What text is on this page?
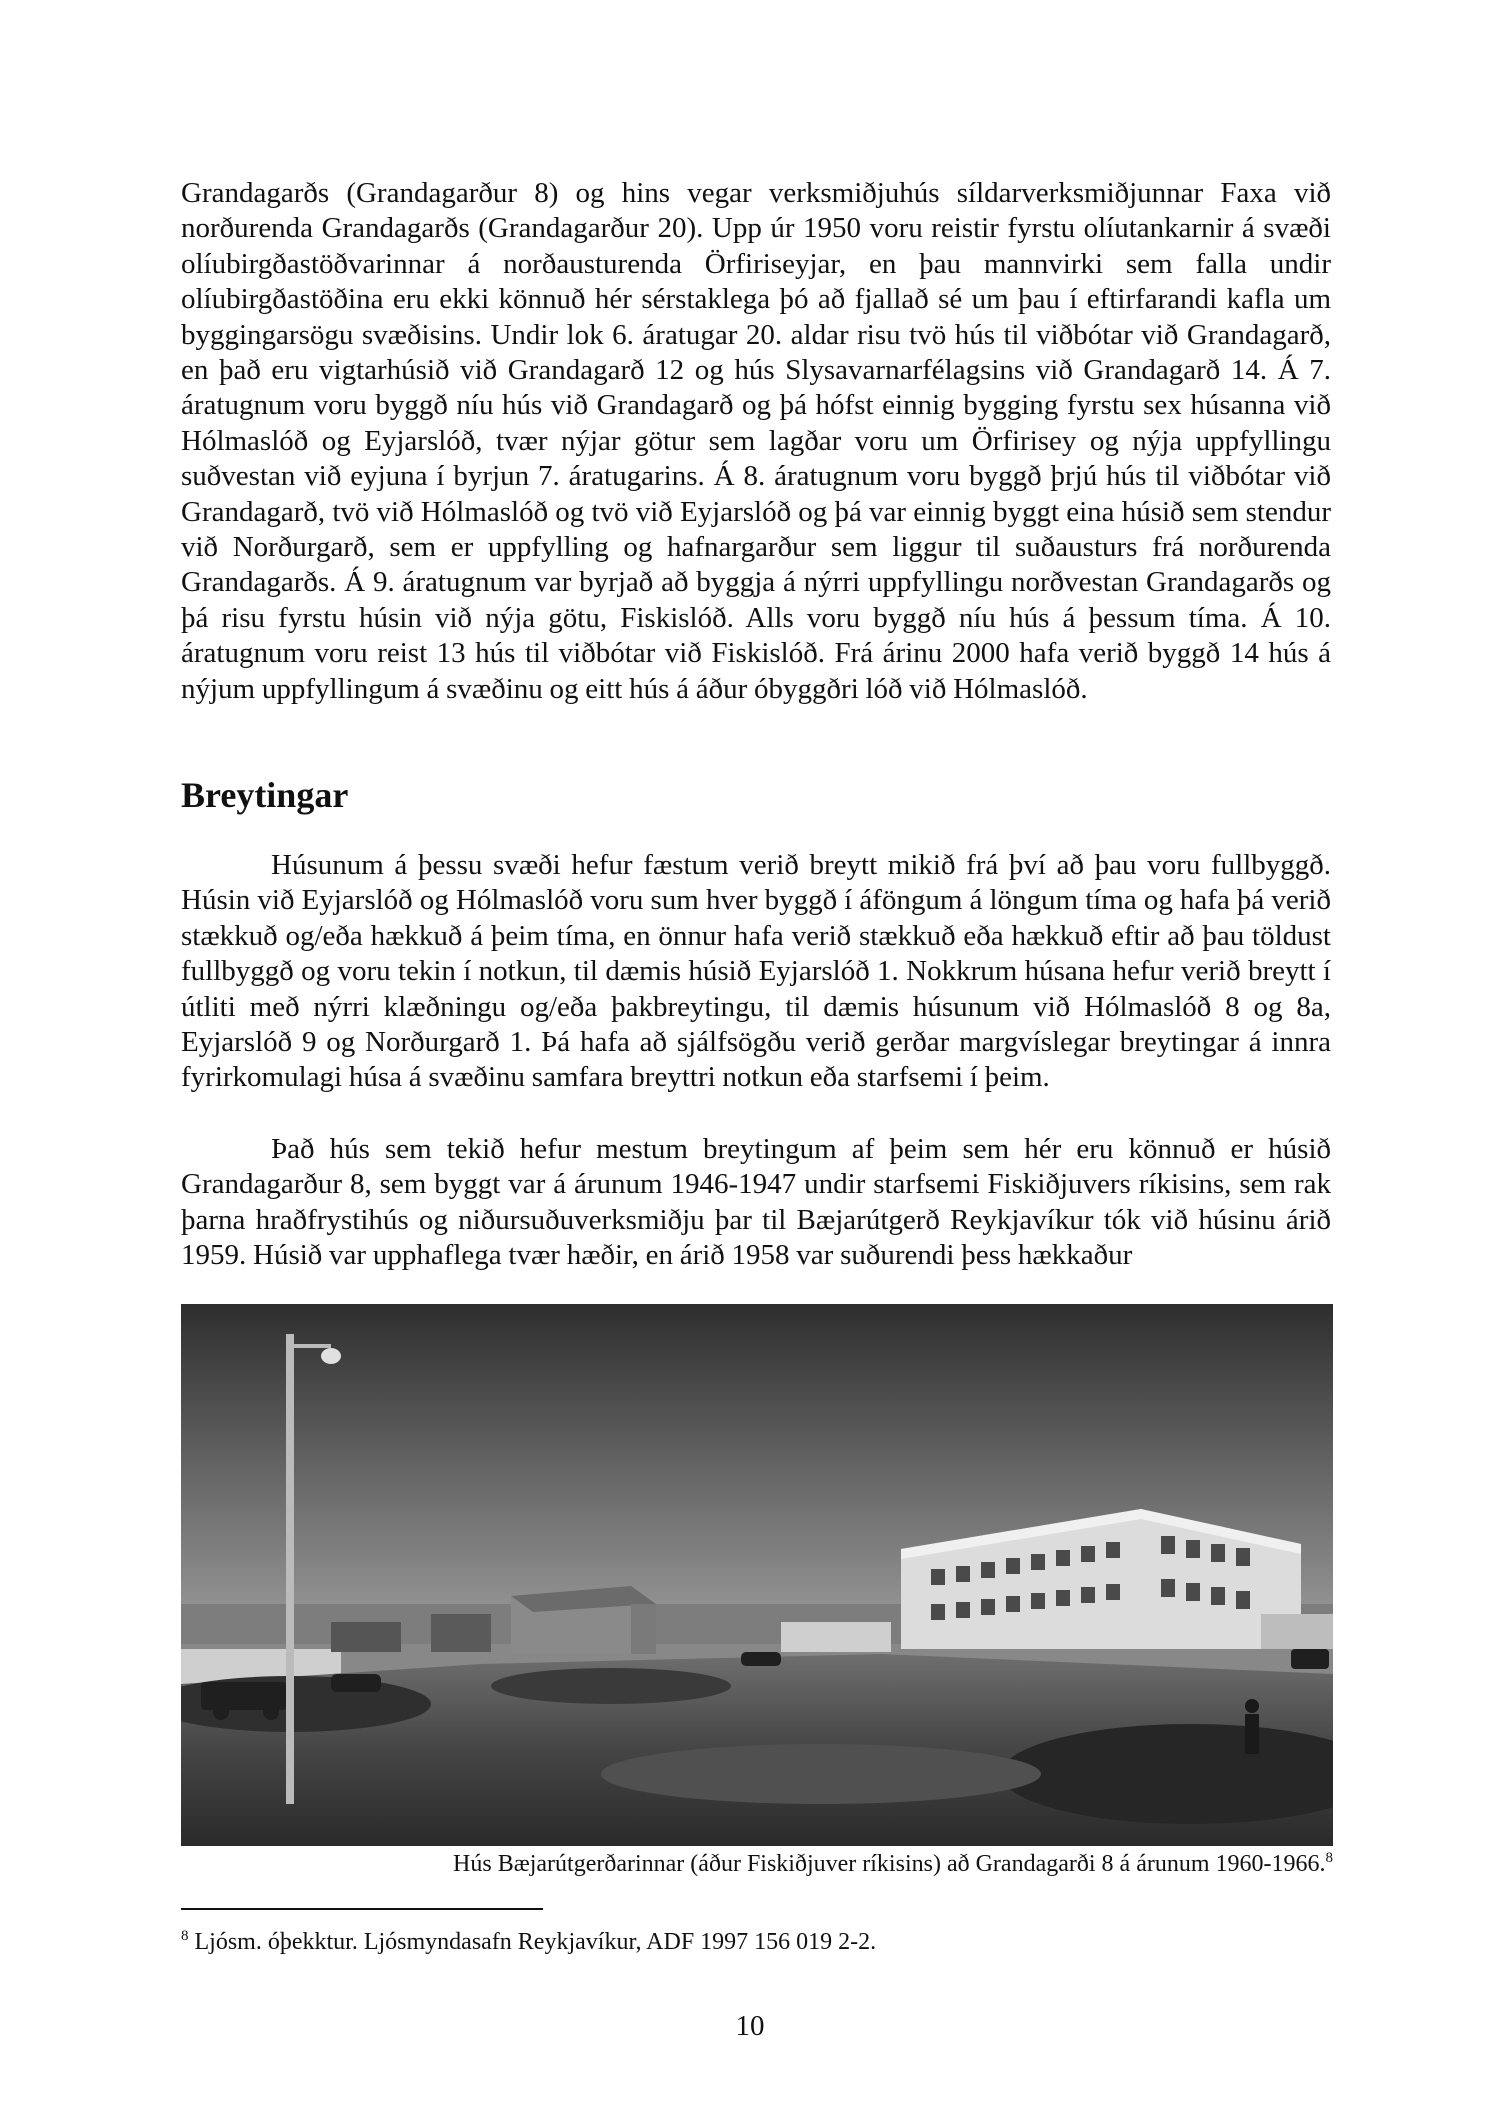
Grandagarðs (Grandagarður 8) og hins vegar verksmiðjuhús síldarverksmiðjunnar Faxa við norðurenda Grandagarðs (Grandagarður 20). Upp úr 1950 voru reistir fyrstu olíutankarnir á svæði olíubirgðastöðvarinnar á norðausturenda Örfiriseyjar, en þau mannvirki sem falla undir olíubirgðastöðina eru ekki könnuð hér sérstaklega þó að fjallað sé um þau í eftirfarandi kafla um byggingarsögu svæðisins. Undir lok 6. áratugar 20. aldar risu tvö hús til viðbótar við Grandagarð, en það eru vigtarhúsið við Grandagarð 12 og hús Slysavarnarfélagsins við Grandagarð 14. Á 7. áratugnum voru byggð níu hús við Grandagarð og þá hófst einnig bygging fyrstu sex húsanna við Hólmaslóð og Eyjarslóð, tvær nýjar götur sem lagðar voru um Örfirisey og nýja uppfyllingu suðvestan við eyjuna í byrjun 7. áratugarins. Á 8. áratugnum voru byggð þrjú hús til viðbótar við Grandagarð, tvö við Hólmaslóð og tvö við Eyjarslóð og þá var einnig byggt eina húsið sem stendur við Norðurgarð, sem er uppfylling og hafnargarður sem liggur til suðausturs frá norðurenda Grandagarðs. Á 9. áratugnum var byrjað að byggja á nýrri uppfyllingu norðvestan Grandagarðs og þá risu fyrstu húsin við nýja götu, Fiskislóð. Alls voru byggð níu hús á þessum tíma. Á 10. áratugnum voru reist 13 hús til viðbótar við Fiskislóð. Frá árinu 2000 hafa verið byggð 14 hús á nýjum uppfyllingum á svæðinu og eitt hús á áður óbyggðri lóð við Hólmaslóð.

Breytingar

Húsunum á þessu svæði hefur fæstum verið breytt mikið frá því að þau voru fullbyggð. Húsin við Eyjarslóð og Hólmaslóð voru sum hver byggð í áföngum á löngum tíma og hafa þá verið stækkuð og/eða hækkuð á þeim tíma, en önnur hafa verið stækkuð eða hækkuð eftir að þau töldust fullbyggð og voru tekin í notkun, til dæmis húsið Eyjarslóð 1. Nokkrum húsana hefur verið breytt í útliti með nýrri klæðningu og/eða þakbreytingu, til dæmis húsunum við Hólmaslóð 8 og 8a, Eyjarslóð 9 og Norðurgarð 1. Þá hafa að sjálfsögðu verið gerðar margvíslegar breytingar á innra fyrirkomulagi húsa á svæðinu samfara breyttri notkun eða starfsemi í þeim.

Það hús sem tekið hefur mestum breytingum af þeim sem hér eru könnuð er húsið Grandagarður 8, sem byggt var á árunum 1946-1947 undir starfsemi Fiskiðjuvers ríkisins, sem rak þarna hraðfrystihús og niðursuðuverksmiðju þar til Bæjarútgerð Reykjavíkur tók við húsinu árið 1959. Húsið var upphaflega tvær hæðir, en árið 1958 var suðurendi þess hækkaður

Hús Bæjarútgerðarinnar (áður Fiskiðjuver ríkisins) að Grandagarði 8 á árunum 1960-1966.$^8$
$^8$ Ljósm. óþekktur. Ljósmyndasafn Reykjavíkur, ADF 1997 156 019 2-2.
10
